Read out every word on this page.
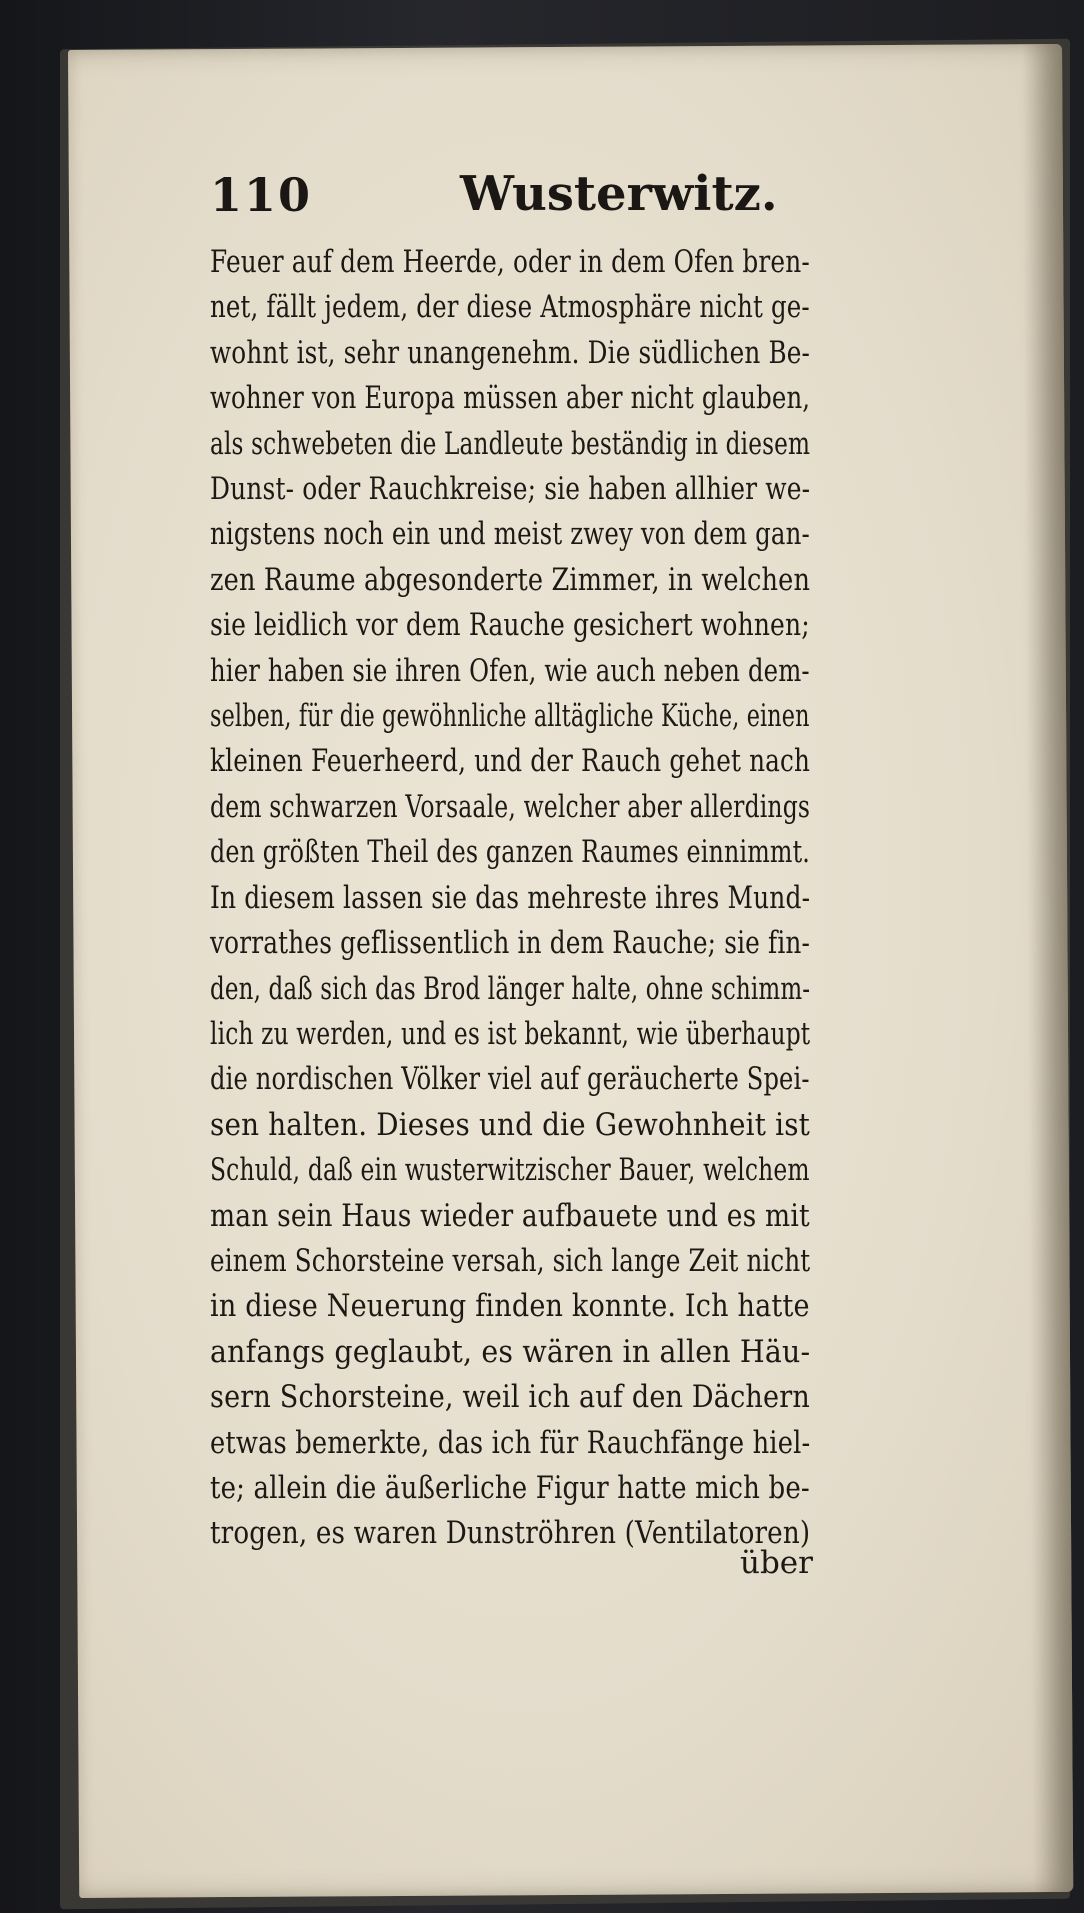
110	Wusterwitz.
Feuer auf dem Heerde, oder in dem Ofen bren-
net, fällt jedem, der diese Atmosphäre nicht ge-
wohnt ist, sehr unangenehm. Die südlichen Be-
wohner von Europa müssen aber nicht glauben,
als schwebeten die Landleute beständig in diesem
Dunst- oder Rauchkreise; sie haben allhier we-
nigstens noch ein und meist zwey von dem gan-
zen Raume abgesonderte Zimmer, in welchen
sie leidlich vor dem Rauche gesichert wohnen;
hier haben sie ihren Ofen, wie auch neben dem-
selben, für die gewöhnliche alltägliche Küche, einen
kleinen Feuerheerd, und der Rauch gehet nach
dem schwarzen Vorsaale, welcher aber allerdings
den größten Theil des ganzen Raumes einnimmt.
In diesem lassen sie das mehreste ihres Mund-
vorrathes geflissentlich in dem Rauche; sie fin-
den, daß sich das Brod länger halte, ohne schimm-
lich zu werden, und es ist bekannt, wie überhaupt
die nordischen Völker viel auf geräucherte Spei-
sen halten. Dieses und die Gewohnheit ist
Schuld, daß ein wusterwitzischer Bauer, welchem
man sein Haus wieder aufbauete und es mit
einem Schorsteine versah, sich lange Zeit nicht
in diese Neuerung finden konnte. Ich hatte
anfangs geglaubt, es wären in allen Häu-
sern Schorsteine, weil ich auf den Dächern
etwas bemerkte, das ich für Rauchfänge hiel-
te; allein die äußerliche Figur hatte mich be-
trogen, es waren Dunströhren (Ventilatoren)
über
